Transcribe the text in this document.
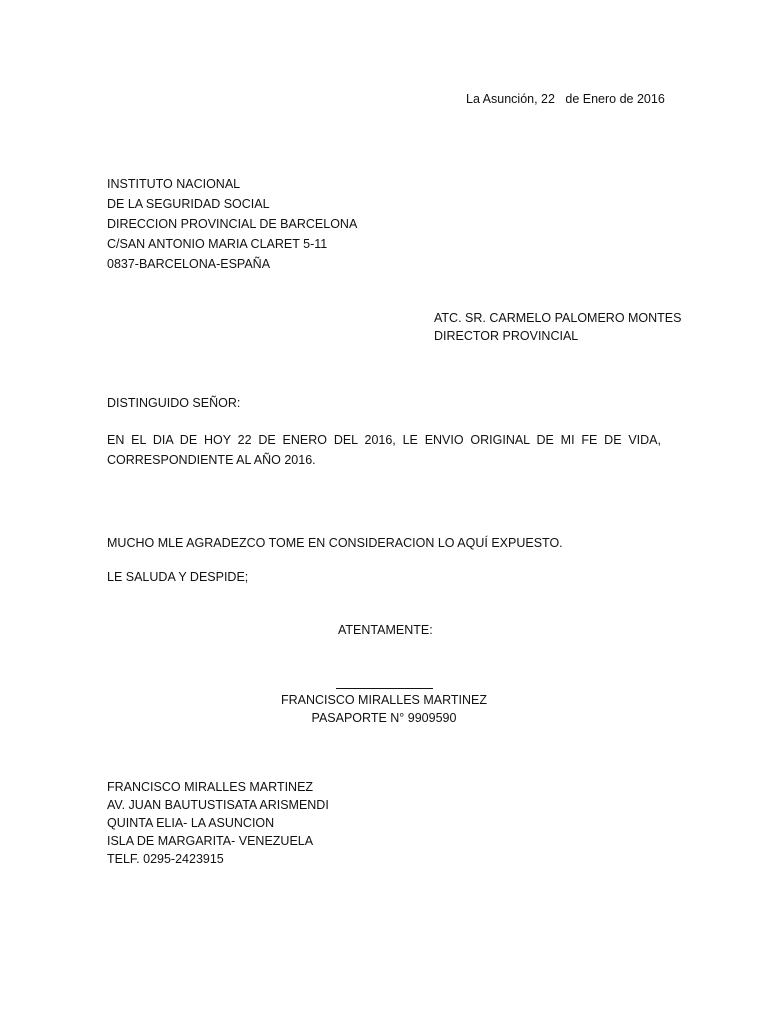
La Asunción, 22   de Enero de 2016
INSTITUTO NACIONAL
DE LA SEGURIDAD SOCIAL
DIRECCION PROVINCIAL DE BARCELONA
C/SAN ANTONIO MARIA CLARET 5-11
0837-BARCELONA-ESPAÑA
ATC. SR. CARMELO PALOMERO MONTES
DIRECTOR PROVINCIAL
DISTINGUIDO SEÑOR:
EN EL DIA DE HOY 22 DE ENERO DEL 2016, LE ENVIO ORIGINAL DE MI FE DE VIDA,
CORRESPONDIENTE AL AÑO 2016.
MUCHO MLE AGRADEZCO TOME EN CONSIDERACION LO AQUÍ EXPUESTO.
LE SALUDA Y DESPIDE;
ATENTAMENTE:
FRANCISCO MIRALLES MARTINEZ
PASAPORTE N° 9909590
FRANCISCO MIRALLES MARTINEZ
AV. JUAN BAUTUSTISATA ARISMENDI
QUINTA ELIA- LA ASUNCION
ISLA DE MARGARITA- VENEZUELA
TELF. 0295-2423915
